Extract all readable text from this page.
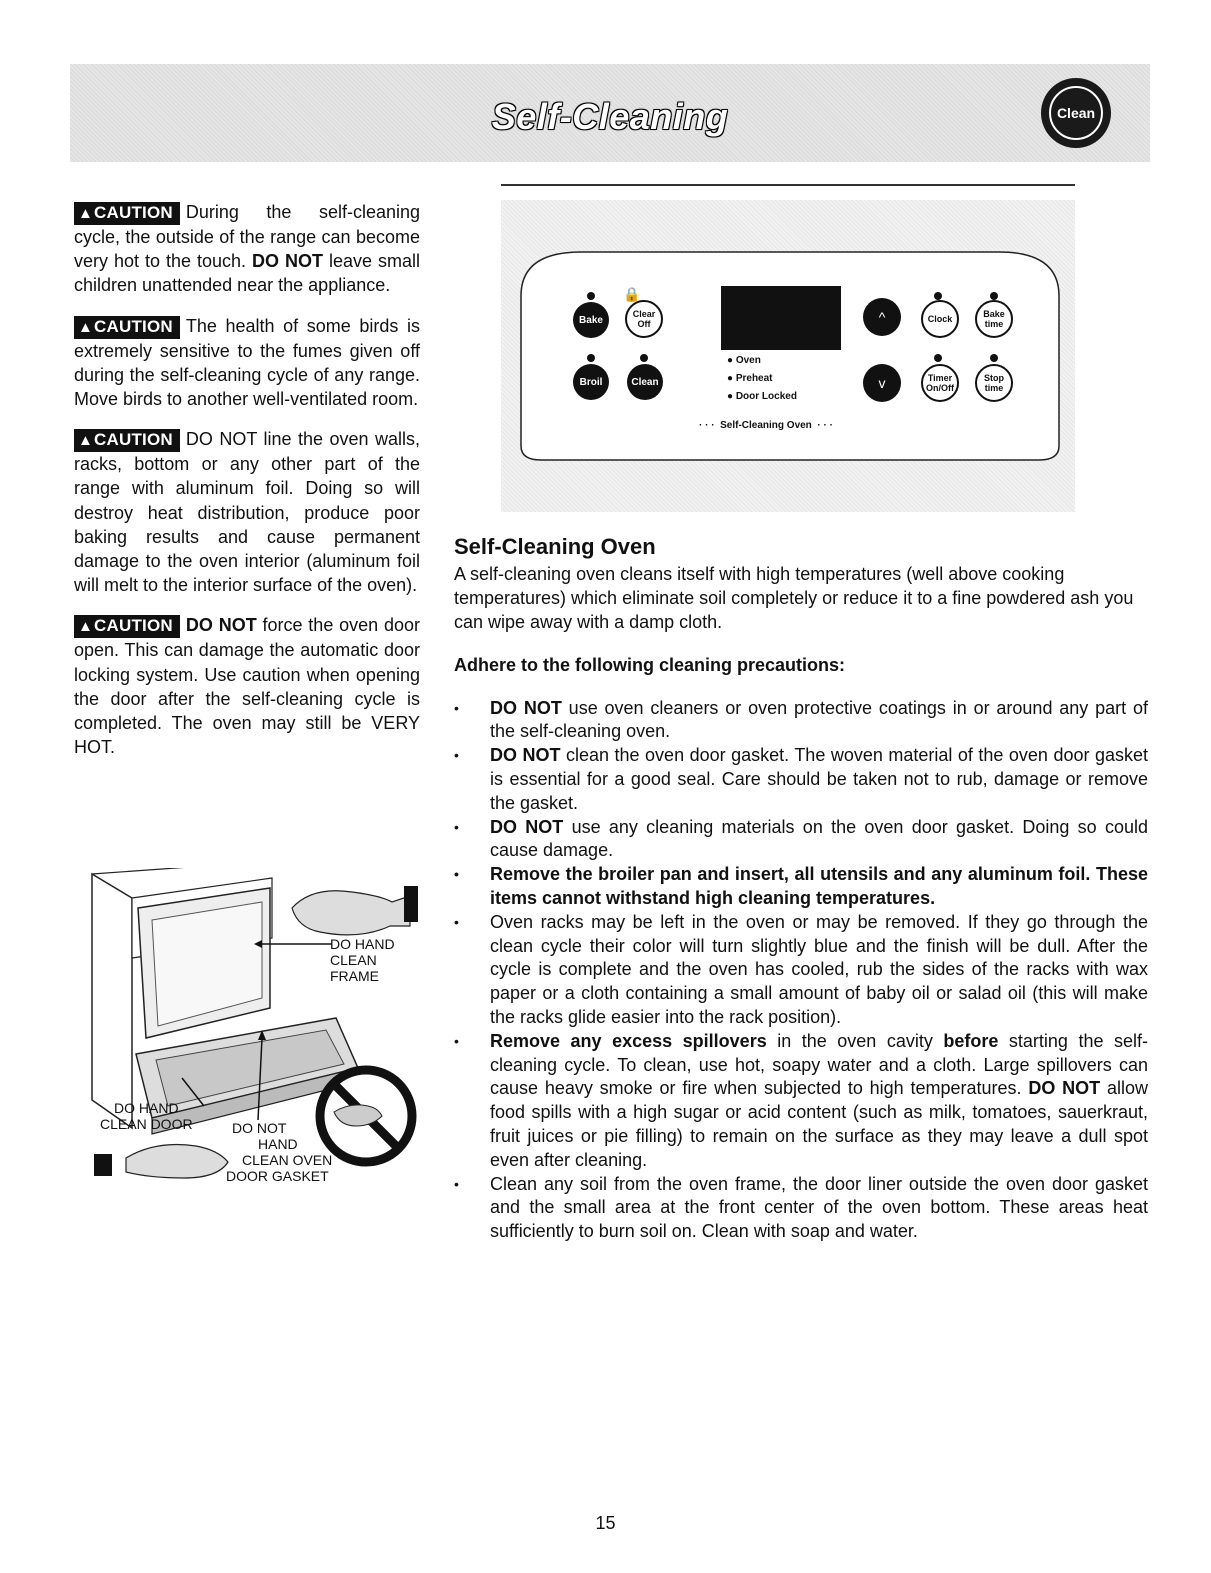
Self-Cleaning	Clean

▲CAUTION During the self-cleaning cycle, the outside of the range can become very hot to the touch. DO NOT leave small children unattended near the appliance.

▲CAUTION The health of some birds is extremely sensitive to the fumes given off during the self-cleaning cycle of any range. Move birds to another well-ventilated room.

▲CAUTION DO NOT line the oven walls, racks, bottom or any other part of the range with aluminum foil. Doing so will destroy heat distribution, produce poor baking results and cause permanent damage to the oven interior (aluminum foil will melt to the interior surface of the oven).

▲CAUTION DO NOT force the oven door open. This can damage the automatic door locking system. Use caution when opening the door after the self-cleaning cycle is completed. The oven may still be VERY HOT.

DO HAND
CLEAN FRAME
DO HAND
CLEAN DOOR	DO NOT
HAND
CLEAN OVEN
DOOR GASKET
🔒
Bake
Clear
Off
Broil	Clean
^
v
Clock	Bake
time
Timer
On/Off
Stop
time
● Oven
● Preheat
● Door Locked
· · ·  Self-Cleaning Oven  · · ·
Self-Cleaning Oven

A self-cleaning oven cleans itself with high temperatures (well above cooking temperatures) which eliminate soil completely or reduce it to a fine powdered ash you can wipe away with a damp cloth.

Adhere to the following cleaning precautions:

• DO NOT use oven cleaners or oven protective coatings in or around any part of the self-cleaning oven.
• DO NOT clean the oven door gasket. The woven material of the oven door gasket is essential for a good seal. Care should be taken not to rub, damage or remove the gasket.
• DO NOT use any cleaning materials on the oven door gasket. Doing so could cause damage.
• Remove the broiler pan and insert, all utensils and any aluminum foil. These items cannot withstand high cleaning temperatures.
• Oven racks may be left in the oven or may be removed. If they go through the clean cycle their color will turn slightly blue and the finish will be dull. After the cycle is complete and the oven has cooled, rub the sides of the racks with wax paper or a cloth containing a small amount of baby oil or salad oil (this will make the racks glide easier into the rack position).
• Remove any excess spillovers in the oven cavity before starting the self-cleaning cycle. To clean, use hot, soapy water and a cloth. Large spillovers can cause heavy smoke or fire when subjected to high temperatures. DO NOT allow food spills with a high sugar or acid content (such as milk, tomatoes, sauerkraut, fruit juices or pie filling) to remain on the surface as they may leave a dull spot even after cleaning.
• Clean any soil from the oven frame, the door liner outside the oven door gasket and the small area at the front center of the oven bottom. These areas heat sufficiently to burn soil on. Clean with soap and water.
15
